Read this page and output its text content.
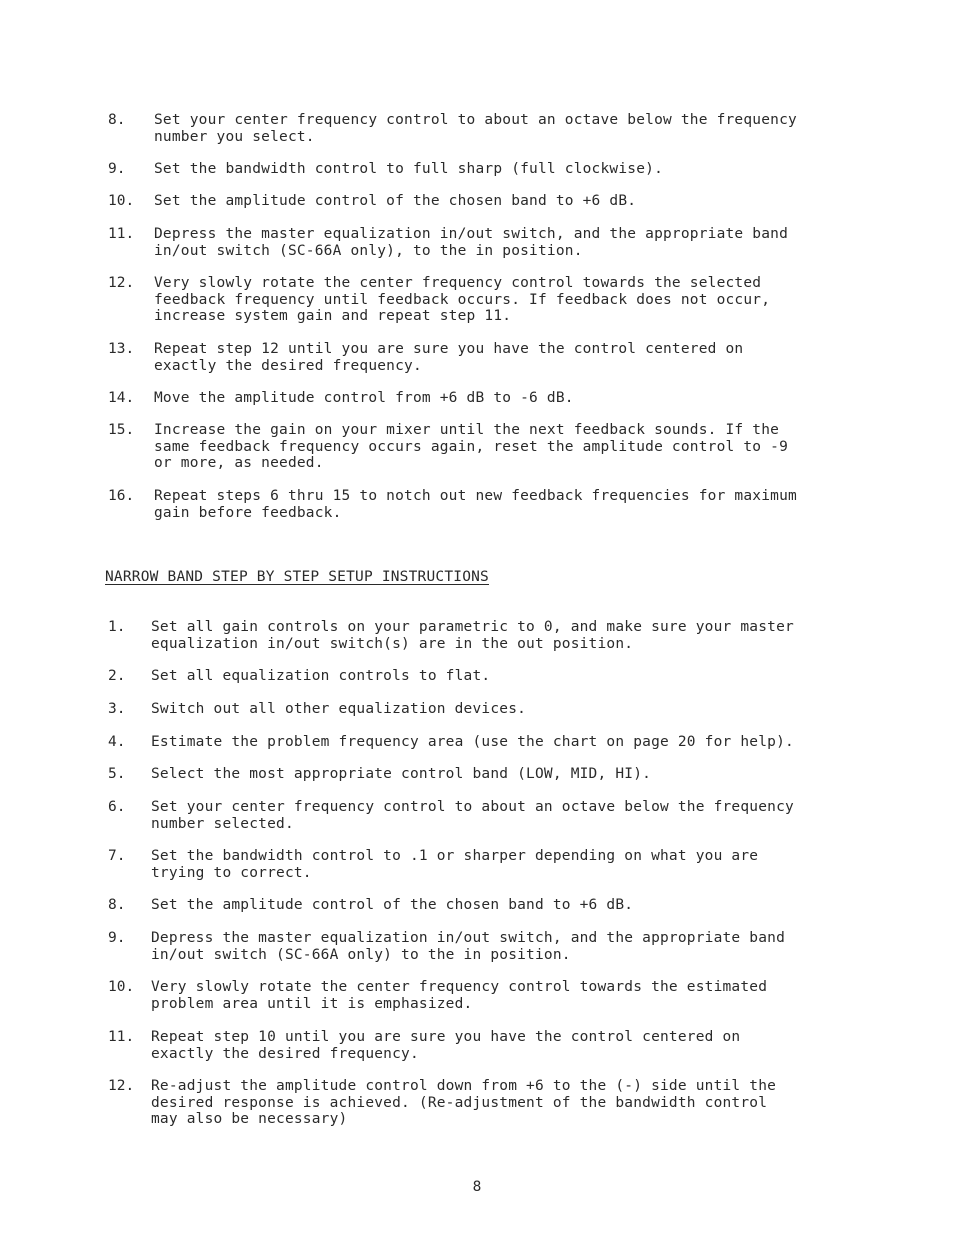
8.	Set your center frequency control to about an octave below the frequency
number you select.
9.	Set the bandwidth control to full sharp (full clockwise).
10.	Set the amplitude control of the chosen band to +6 dB.
11.	Depress the master equalization in/out switch, and the appropriate band
in/out switch (SC-66A only), to the in position.
12.	Very slowly rotate the center frequency control towards the selected
feedback frequency until feedback occurs. If feedback does not occur,
increase system gain and repeat step 11.
13.	Repeat step 12 until you are sure you have the control centered on
exactly the desired frequency.
14.	Move the amplitude control from +6 dB to -6 dB.
15.	Increase the gain on your mixer until the next feedback sounds. If the
same feedback frequency occurs again, reset the amplitude control to -9
or more, as needed.
16.	Repeat steps 6 thru 15 to notch out new feedback frequencies for maximum
gain before feedback.
NARROW BAND STEP BY STEP SETUP INSTRUCTIONS
1.	Set all gain controls on your parametric to 0, and make sure your master
equalization in/out switch(s) are in the out position.
2.	Set all equalization controls to flat.
3.	Switch out all other equalization devices.
4.	Estimate the problem frequency area (use the chart on page 20 for help).
5.	Select the most appropriate control band (LOW, MID, HI).
6.	Set your center frequency control to about an octave below the frequency
number selected.
7.	Set the bandwidth control to .1 or sharper depending on what you are
trying to correct.
8.	Set the amplitude control of the chosen band to +6 dB.
9.	Depress the master equalization in/out switch, and the appropriate band
in/out switch (SC-66A only) to the in position.
10.	Very slowly rotate the center frequency control towards the estimated
problem area until it is emphasized.
11.	Repeat step 10 until you are sure you have the control centered on
exactly the desired frequency.
12.	Re-adjust the amplitude control down from +6 to the (-) side until the
desired response is achieved. (Re-adjustment of the bandwidth control
may also be necessary)
8
